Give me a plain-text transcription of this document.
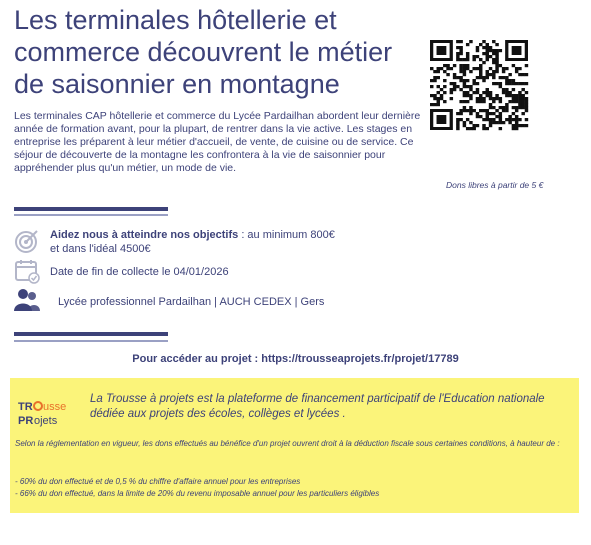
Les terminales hôtellerie et commerce découvrent le métier de saisonnier en montagne

Les terminales CAP hôtellerie et commerce du Lycée Pardailhan abordent leur dernière année de formation avant, pour la plupart, de rentrer dans la vie active. Les stages en entreprise les préparent à leur métier d'accueil, de vente, de cuisine ou de service. Ce séjour de découverte de la montagne les confrontera à la vie de saisonnier pour appréhender plus qu'un métier, un mode de vie.

Dons libres à partir de 5 €
Aidez nous à atteindre nos objectifs : au minimum 800€
et dans l'idéal 4500€
Date de fin de collecte le 04/01/2026
Lycée professionnel Pardailhan | AUCH CEDEX | Gers
Pour accéder au projet : https://trousseaprojets.fr/projet/17789
TR usse
PR ojets
La Trousse à projets est la plateforme de financement participatif de l'Education nationale dédiée aux projets des écoles, collèges et lycées .
Selon la réglementation en vigueur, les dons effectués au bénéfice d'un projet ouvrent droit à la déduction fiscale sous certaines conditions, à hauteur de :
- 60% du don effectué et de 0,5 % du chiffre d'affaire annuel pour les entreprises
- 66% du don effectué, dans la limite de 20% du revenu imposable annuel pour les particuliers éligibles
